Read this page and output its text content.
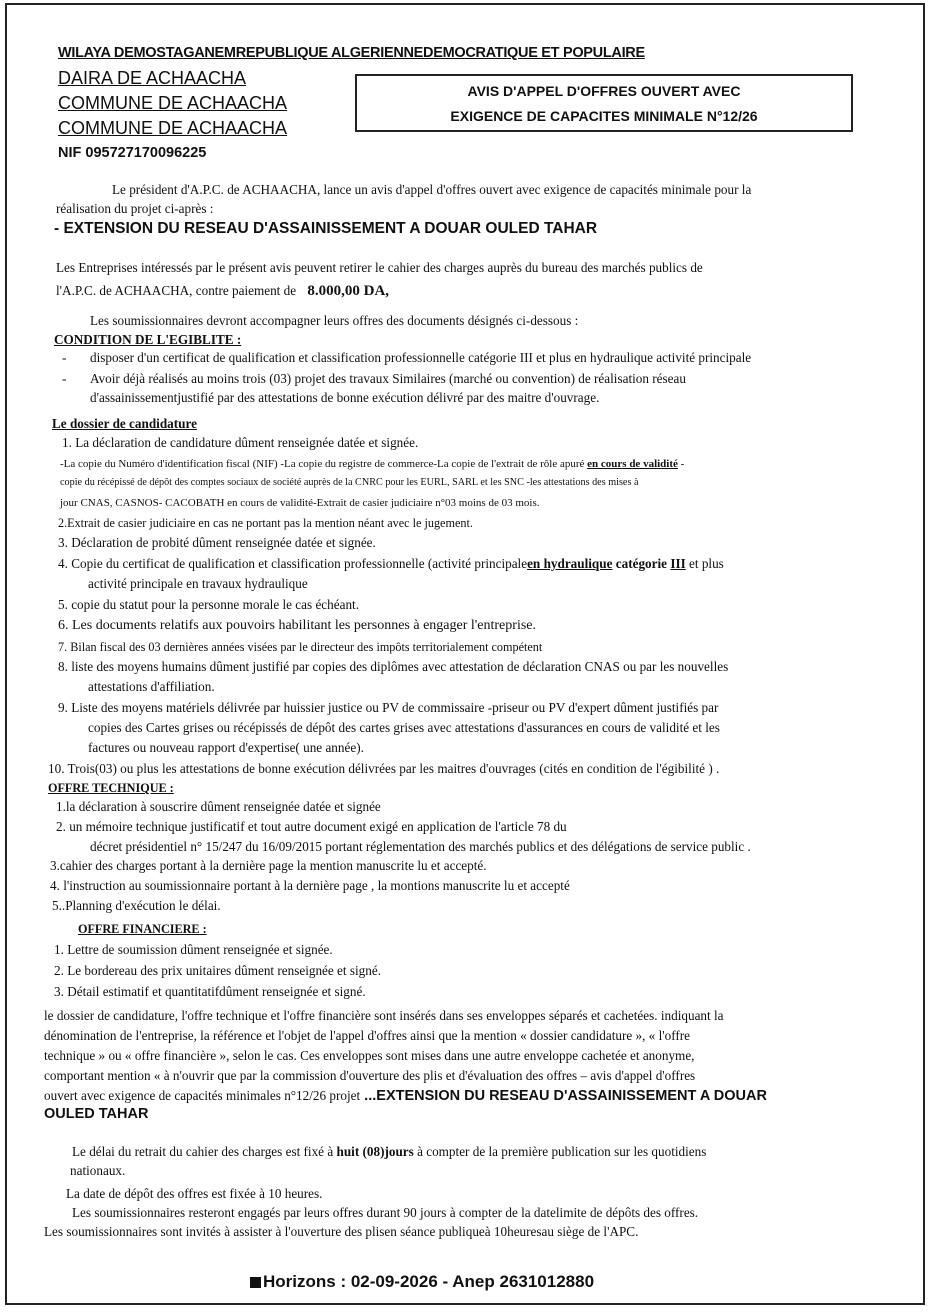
WILAYA DEMOSTAGANEMREPUBLIQUE ALGERIENNEDEMOCRATIQUE ET POPULAIRE
DAIRA DE ACHAACHA
COMMUNE DE ACHAACHA
COMMUNE DE ACHAACHA
NIF 095727170096225
AVIS D'APPEL D'OFFRES OUVERT AVEC
EXIGENCE DE CAPACITES MINIMALE N°12/26
Le président d'A.P.C. de ACHAACHA, lance un avis d'appel d'offres ouvert avec exigence de capacités minimale pour la
réalisation du projet ci-après :
- EXTENSION DU RESEAU D'ASSAINISSEMENT A DOUAR OULED TAHAR
Les Entreprises intéressés par le présent avis peuvent retirer le cahier des charges auprès du bureau des marchés publics de
l'A.P.C. de ACHAACHA, contre paiement de 8.000,00 DA,
Les soumissionnaires devront accompagner leurs offres des documents désignés ci-dessous :
CONDITION DE L'EGIBLITE :
- disposer d'un certificat de qualification et classification professionnelle catégorie III et plus en hydraulique activité principale
- Avoir déjà réalisés au moins trois (03) projet des travaux Similaires (marché ou convention) de réalisation réseau
d'assainissementjustifié par des attestations de bonne exécution délivré par des maitre d'ouvrage.
Le dossier de candidature
1. La déclaration de candidature dûment renseignée datée et signée.
-La copie du Numéro d'identification fiscal (NIF) -La copie du registre de commerce-La copie de l'extrait de rôle apuré en cours de validité -
copie du récépissé de dépôt des comptes sociaux de société auprès de la CNRC pour les EURL, SARL et les SNC -les attestations des mises à
jour CNAS, CASNOS- CACOBATH en cours de validité-Extrait de casier judiciaire n°03 moins de 03 mois.
2.Extrait de casier judiciaire en cas ne portant pas la mention néant avec le jugement.
3. Déclaration de probité dûment renseignée datée et signée.
4. Copie du certificat de qualification et classification professionnelle (activité principaleen hydraulique catégorie III et plus
activité principale en travaux hydraulique
5. copie du statut pour la personne morale le cas échéant.
6. Les documents relatifs aux pouvoirs habilitant les personnes à engager l'entreprise.
7. Bilan fiscal des 03 dernières années visées par le directeur des impôts territorialement compétent
8. liste des moyens humains dûment justifié par copies des diplômes avec attestation de déclaration CNAS ou par les nouvelles
attestations d'affiliation.
9. Liste des moyens matériels délivrée par huissier justice ou PV de commissaire -priseur ou PV d'expert dûment justifiés par
copies des Cartes grises ou récépissés de dépôt des cartes grises avec attestations d'assurances en cours de validité et les
factures ou nouveau rapport d'expertise( une année).
10. Trois(03) ou plus les attestations de bonne exécution délivrées par les maitres d'ouvrages (cités en condition de l'égibilité ) .
OFFRE TECHNIQUE :
1.la déclaration à souscrire dûment renseignée datée et signée
2. un mémoire technique justificatif et tout autre document exigé en application de l'article 78 du
décret présidentiel n° 15/247 du 16/09/2015 portant réglementation des marchés publics et des délégations de service public .
3.cahier des charges portant à la dernière page la mention manuscrite lu et accepté.
4. l'instruction au soumissionnaire portant à la dernière page , la montions manuscrite lu et accepté
5..Planning d'exécution le délai.
OFFRE FINANCIERE :
1. Lettre de soumission dûment renseignée et signée.
2. Le bordereau des prix unitaires dûment renseignée et signé.
3. Détail estimatif et quantitatifdûment renseignée et signé.
le dossier de candidature, l'offre technique et l'offre financière sont insérés dans ses enveloppes séparés et cachetées. indiquant la
dénomination de l'entreprise, la référence et l'objet de l'appel d'offres ainsi que la mention « dossier candidature », « l'offre
technique » ou « offre financière », selon le cas. Ces enveloppes sont mises dans une autre enveloppe cachetée et anonyme,
comportant mention « à n'ouvrir que par la commission d'ouverture des plis et d'évaluation des offres – avis d'appel d'offres
ouvert avec exigence de capacités minimales n°12/26 projet ...EXTENSION DU RESEAU D'ASSAINISSEMENT A DOUAR
OULED TAHAR
Le délai du retrait du cahier des charges est fixé à huit (08)jours à compter de la première publication sur les quotidiens
nationaux.
La date de dépôt des offres est fixée à 10 heures.
Les soumissionnaires resteront engagés par leurs offres durant 90 jours à compter de la datelimite de dépôts des offres.
Les soumissionnaires sont invités à assister à l'ouverture des plisen séance publiqueà 10heuresau siège de l'APC.
Horizons : 02-09-2026 - Anep 2631012880
